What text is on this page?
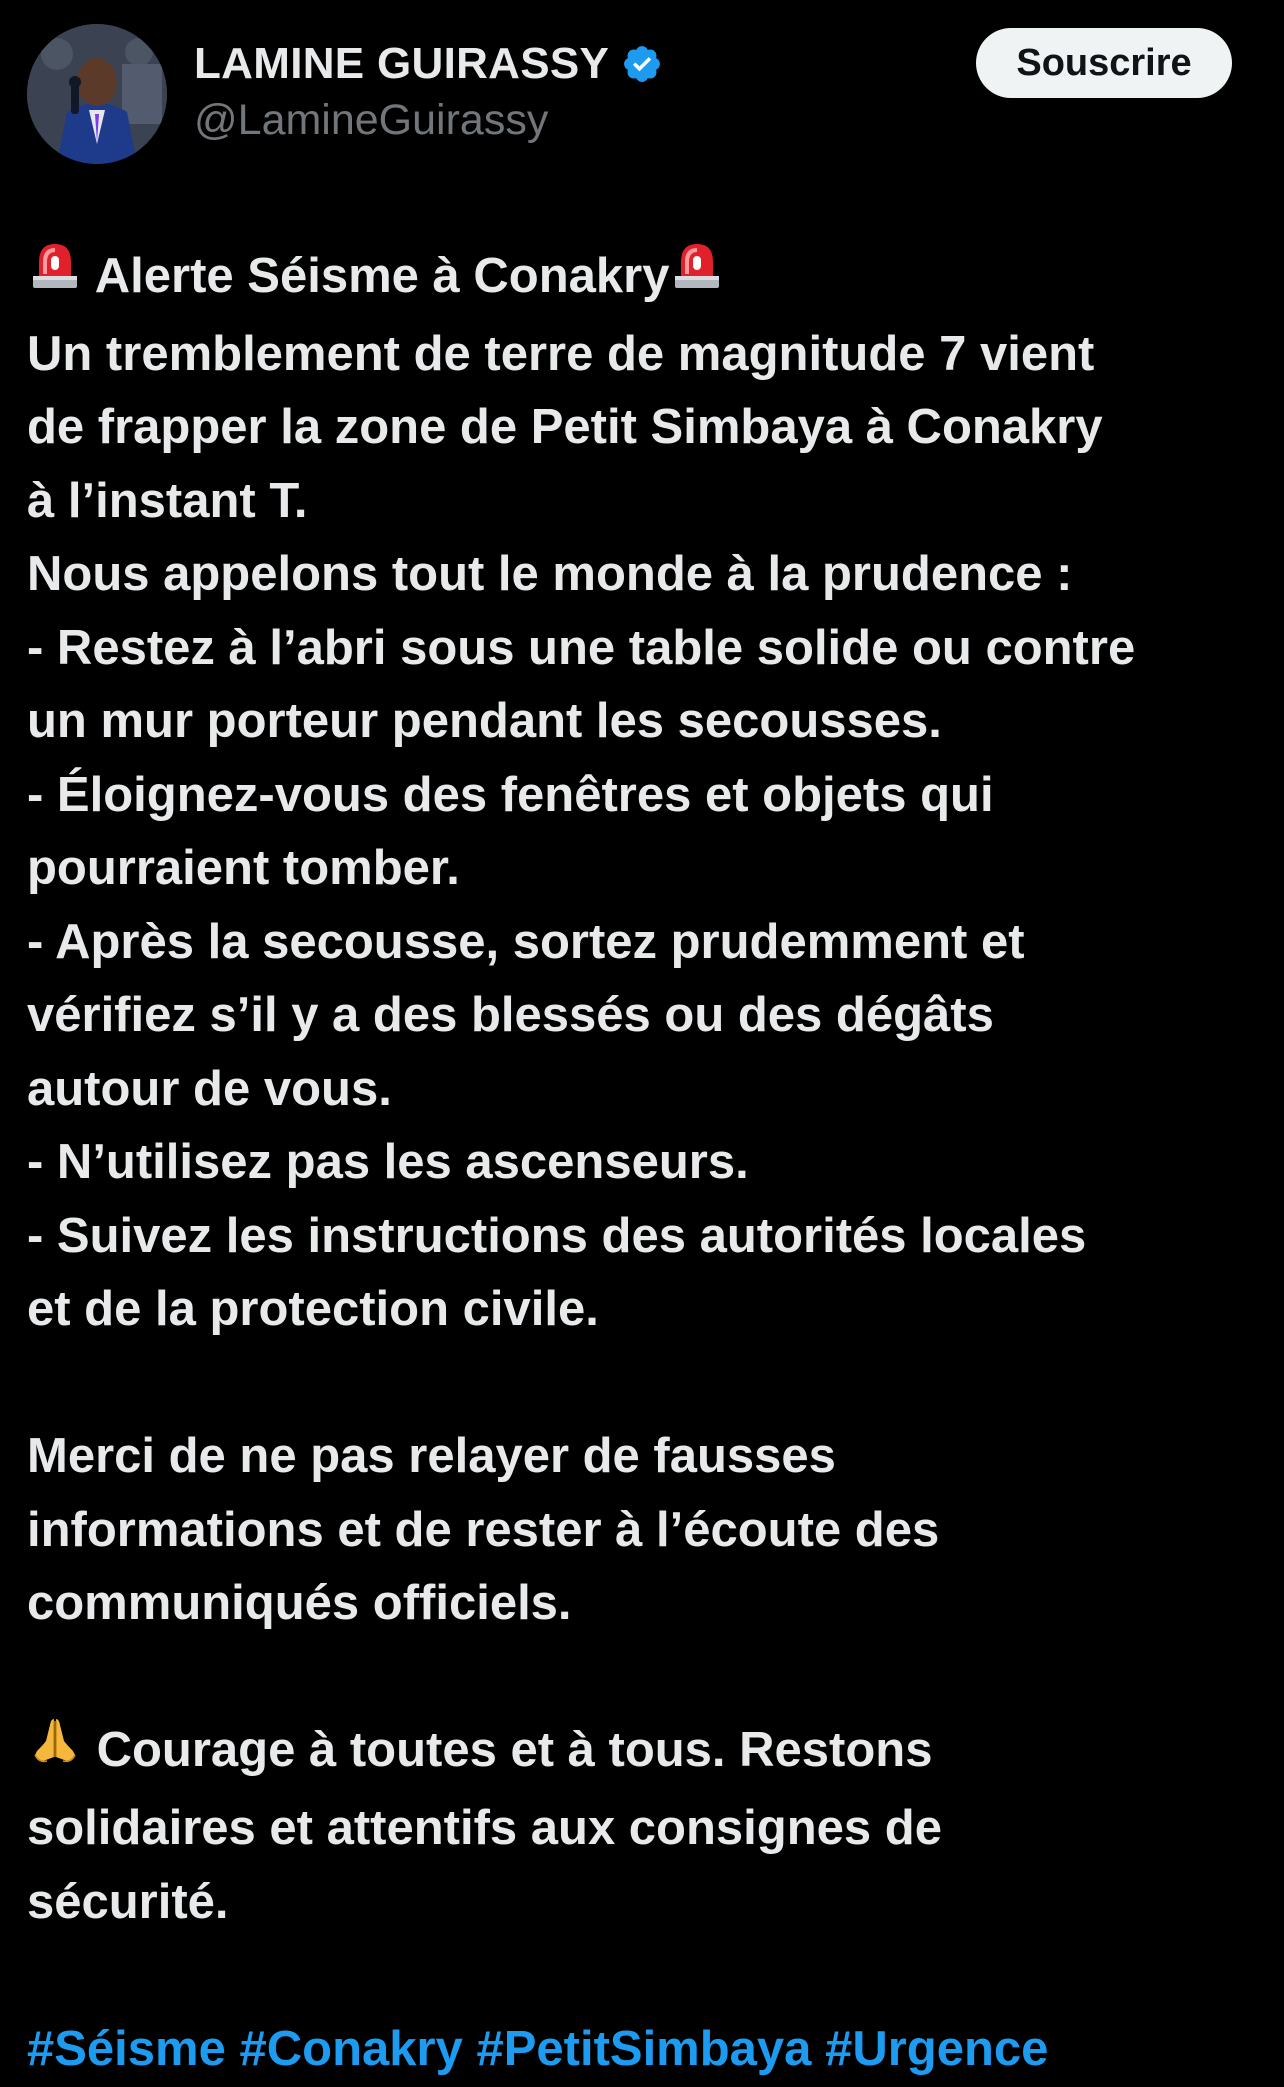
LAMINE GUIRASSY
@LamineGuirassy
Souscrire
Alerte Séisme à Conakry
Un tremblement de terre de magnitude 7 vient
de frapper la zone de Petit Simbaya à Conakry
à l’instant T.
Nous appelons tout le monde à la prudence :
- Restez à l’abri sous une table solide ou contre
un mur porteur pendant les secousses.
- Éloignez-vous des fenêtres et objets qui
pourraient tomber.
- Après la secousse, sortez prudemment et
vérifiez s’il y a des blessés ou des dégâts
autour de vous.
- N’utilisez pas les ascenseurs.
- Suivez les instructions des autorités locales
et de la protection civile.
Merci de ne pas relayer de fausses
informations et de rester à l’écoute des
communiqués officiels.
Courage à toutes et à tous. Restons
solidaires et attentifs aux consignes de
sécurité.
#Séisme #Conakry #PetitSimbaya #Urgence
